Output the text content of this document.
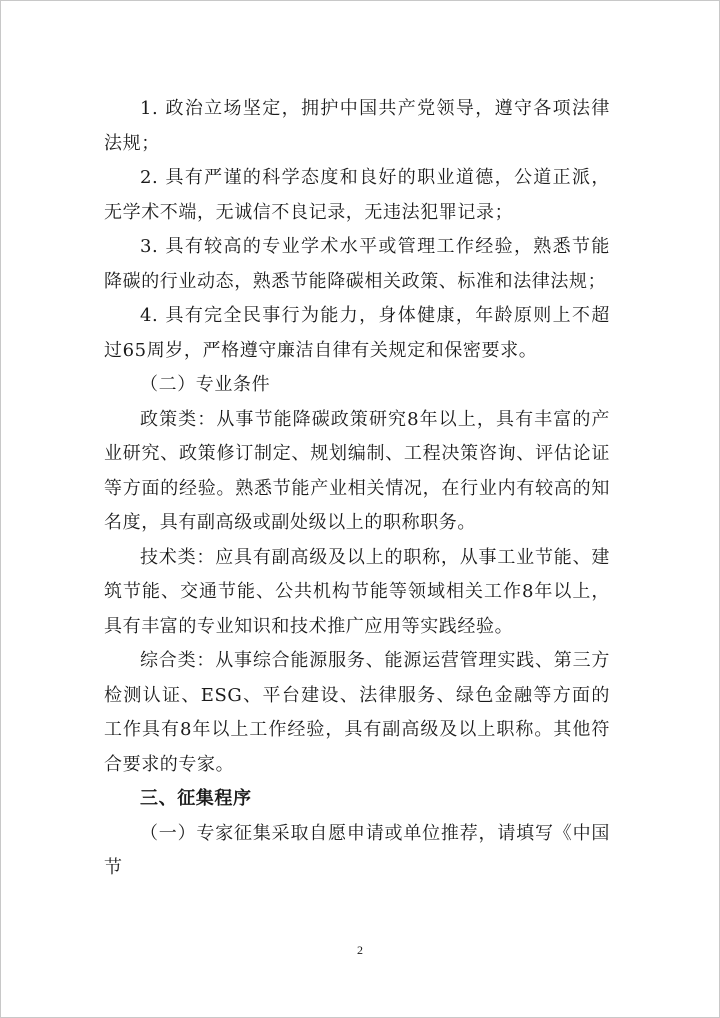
1. 政治立场坚定，拥护中国共产党领导，遵守各项法律法规；

2. 具有严谨的科学态度和良好的职业道德，公道正派，无学术不端，无诚信不良记录，无违法犯罪记录；

3. 具有较高的专业学术水平或管理工作经验，熟悉节能降碳的行业动态，熟悉节能降碳相关政策、标准和法律法规；

4. 具有完全民事行为能力，身体健康，年龄原则上不超过65周岁，严格遵守廉洁自律有关规定和保密要求。

（二）专业条件

政策类：从事节能降碳政策研究8年以上，具有丰富的产业研究、政策修订制定、规划编制、工程决策咨询、评估论证等方面的经验。熟悉节能产业相关情况，在行业内有较高的知名度，具有副高级或副处级以上的职称职务。

技术类：应具有副高级及以上的职称，从事工业节能、建筑节能、交通节能、公共机构节能等领域相关工作8年以上，具有丰富的专业知识和技术推广应用等实践经验。

综合类：从事综合能源服务、能源运营管理实践、第三方检测认证、ESG、平台建设、法律服务、绿色金融等方面的工作具有8年以上工作经验，具有副高级及以上职称。其他符合要求的专家。

三、征集程序

（一）专家征集采取自愿申请或单位推荐，请填写《中国节

2
